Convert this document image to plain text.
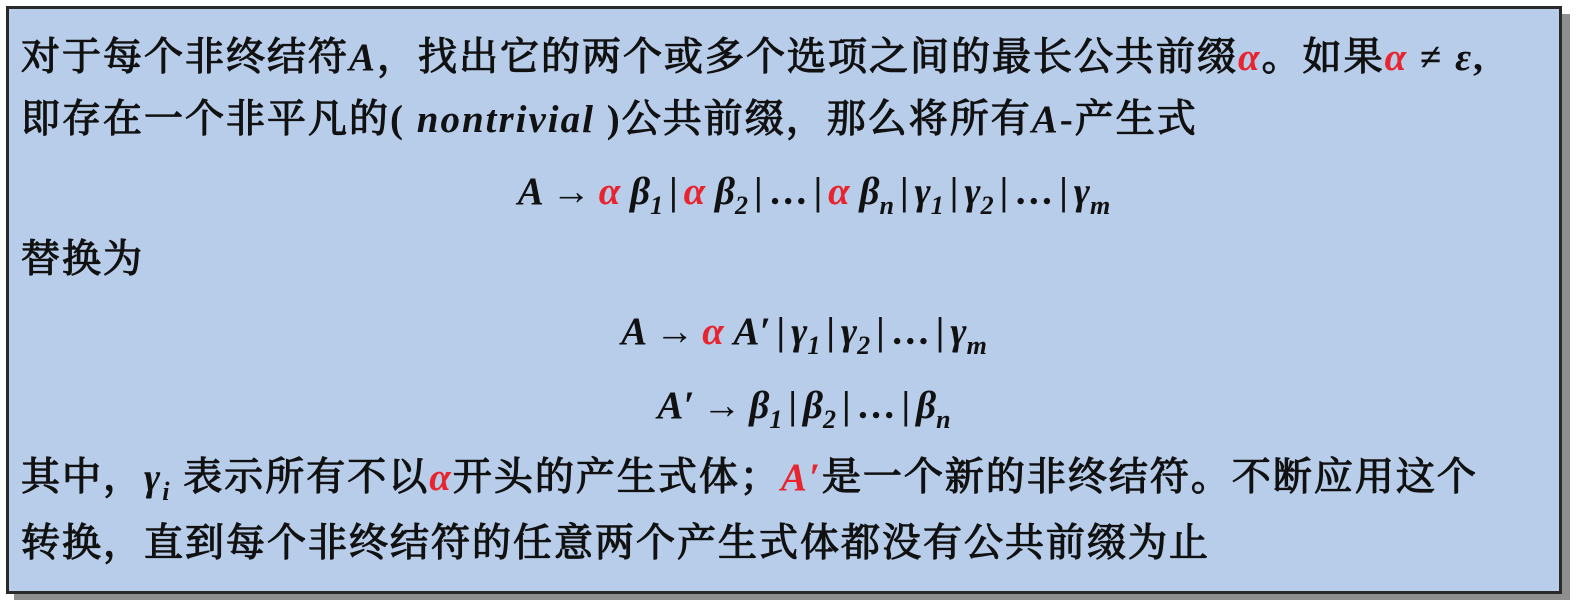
对于每个非终结符A，找出它的两个或多个选项之间的最长公共前缀α。如果α ≠ ε,
即存在一个非平凡的( nontrivial )公共前缀，那么将所有A-产生式
A → α $\beta_1$ | α $\beta_2$ | … | α $\beta_n$ | $\gamma_1$ | $\gamma_2$ | … | $\gamma_m$
替换为
A → α A′ | $\gamma_1$ | $\gamma_2$ | … | $\gamma_m$
$A' \to \beta_1$ | $\beta_2$ | … | $\beta_n$
其中，$\gamma_i$ 表示所有不以α开头的产生式体；A′是一个新的非终结符。不断应用这个
转换，直到每个非终结符的任意两个产生式体都没有公共前缀为止
